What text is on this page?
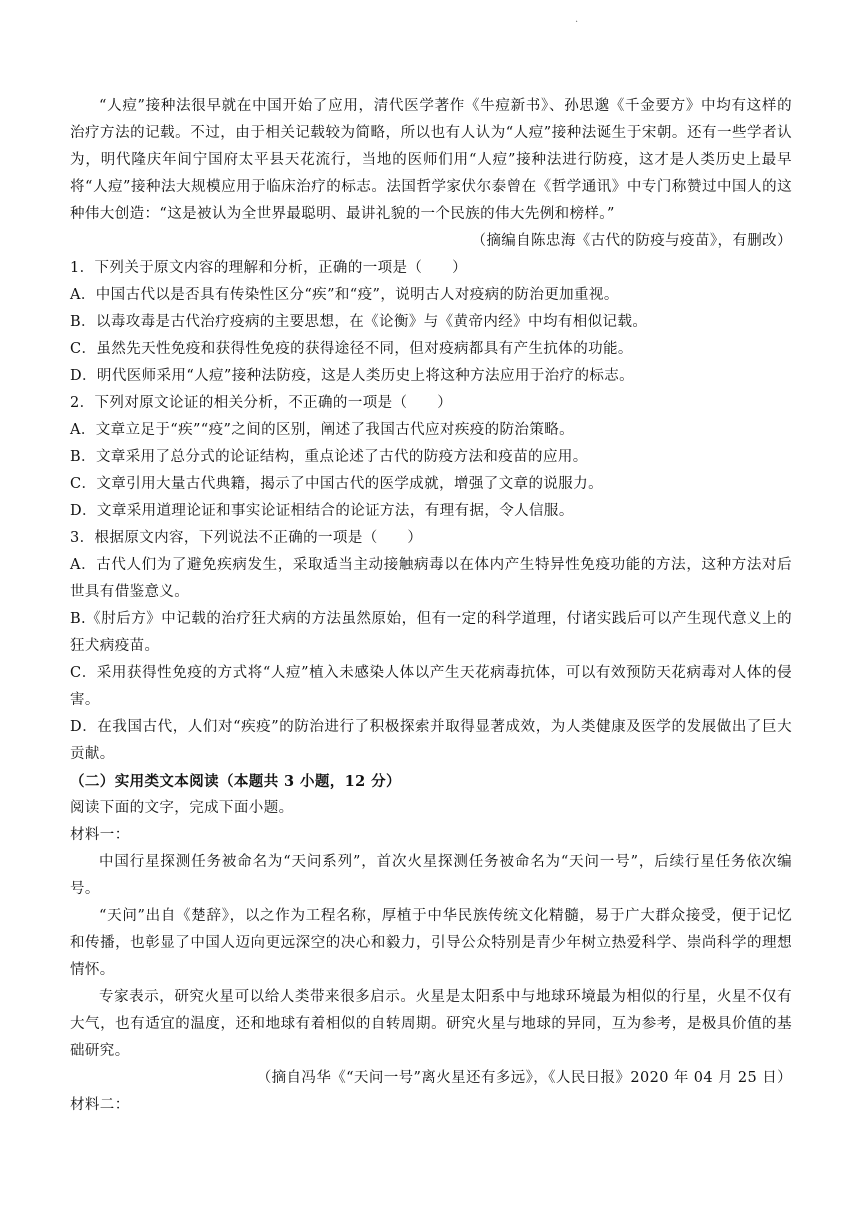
.

“人痘”接种法很早就在中国开始了应用，清代医学著作《牛痘新书》、孙思邈《千金要方》中均有这样的治疗方法的记载。不过，由于相关记载较为简略，所以也有人认为“人痘”接种法诞生于宋朝。还有一些学者认为，明代隆庆年间宁国府太平县天花流行，当地的医师们用“人痘”接种法进行防疫，这才是人类历史上最早将“人痘”接种法大规模应用于临床治疗的标志。法国哲学家伏尔泰曾在《哲学通讯》中专门称赞过中国人的这种伟大创造：“这是被认为全世界最聪明、最讲礼貌的一个民族的伟大先例和榜样。”

（摘编自陈忠海《古代的防疫与疫苗》，有删改）

1．下列关于原文内容的理解和分析，正确的一项是（　　）

A．中国古代以是否具有传染性区分“疾”和“疫”，说明古人对疫病的防治更加重视。

B．以毒攻毒是古代治疗疫病的主要思想，在《论衡》与《黄帝内经》中均有相似记载。

C．虽然先天性免疫和获得性免疫的获得途径不同，但对疫病都具有产生抗体的功能。

D．明代医师采用“人痘”接种法防疫，这是人类历史上将这种方法应用于治疗的标志。

2．下列对原文论证的相关分析，不正确的一项是（　　）

A．文章立足于“疾”“疫”之间的区别，阐述了我国古代应对疾疫的防治策略。

B．文章采用了总分式的论证结构，重点论述了古代的防疫方法和疫苗的应用。

C．文章引用大量古代典籍，揭示了中国古代的医学成就，增强了文章的说服力。

D．文章采用道理论证和事实论证相结合的论证方法，有理有据，令人信服。

3．根据原文内容，下列说法不正确的一项是（　　）

A．古代人们为了避免疾病发生，采取适当主动接触病毒以在体内产生特异性免疫功能的方法，这种方法对后世具有借鉴意义。

B.《肘后方》中记载的治疗狂犬病的方法虽然原始，但有一定的科学道理，付诸实践后可以产生现代意义上的狂犬病疫苗。

C．采用获得性免疫的方式将“人痘”植入未感染人体以产生天花病毒抗体，可以有效预防天花病毒对人体的侵害。

D．在我国古代，人们对“疾疫”的防治进行了积极探索并取得显著成效，为人类健康及医学的发展做出了巨大贡献。

（二）实用类文本阅读（本题共 3 小题，12 分）

阅读下面的文字，完成下面小题。

材料一：

中国行星探测任务被命名为“天问系列”，首次火星探测任务被命名为“天问一号”，后续行星任务依次编号。

“天问”出自《楚辞》，以之作为工程名称，厚植于中华民族传统文化精髓，易于广大群众接受，便于记忆和传播，也彰显了中国人迈向更远深空的决心和毅力，引导公众特别是青少年树立热爱科学、崇尚科学的理想情怀。

专家表示，研究火星可以给人类带来很多启示。火星是太阳系中与地球环境最为相似的行星，火星不仅有大气，也有适宜的温度，还和地球有着相似的自转周期。研究火星与地球的异同，互为参考，是极具价值的基础研究。

（摘自冯华《“天问一号”离火星还有多远》，《人民日报》2020 年 04 月 25 日）

材料二：
